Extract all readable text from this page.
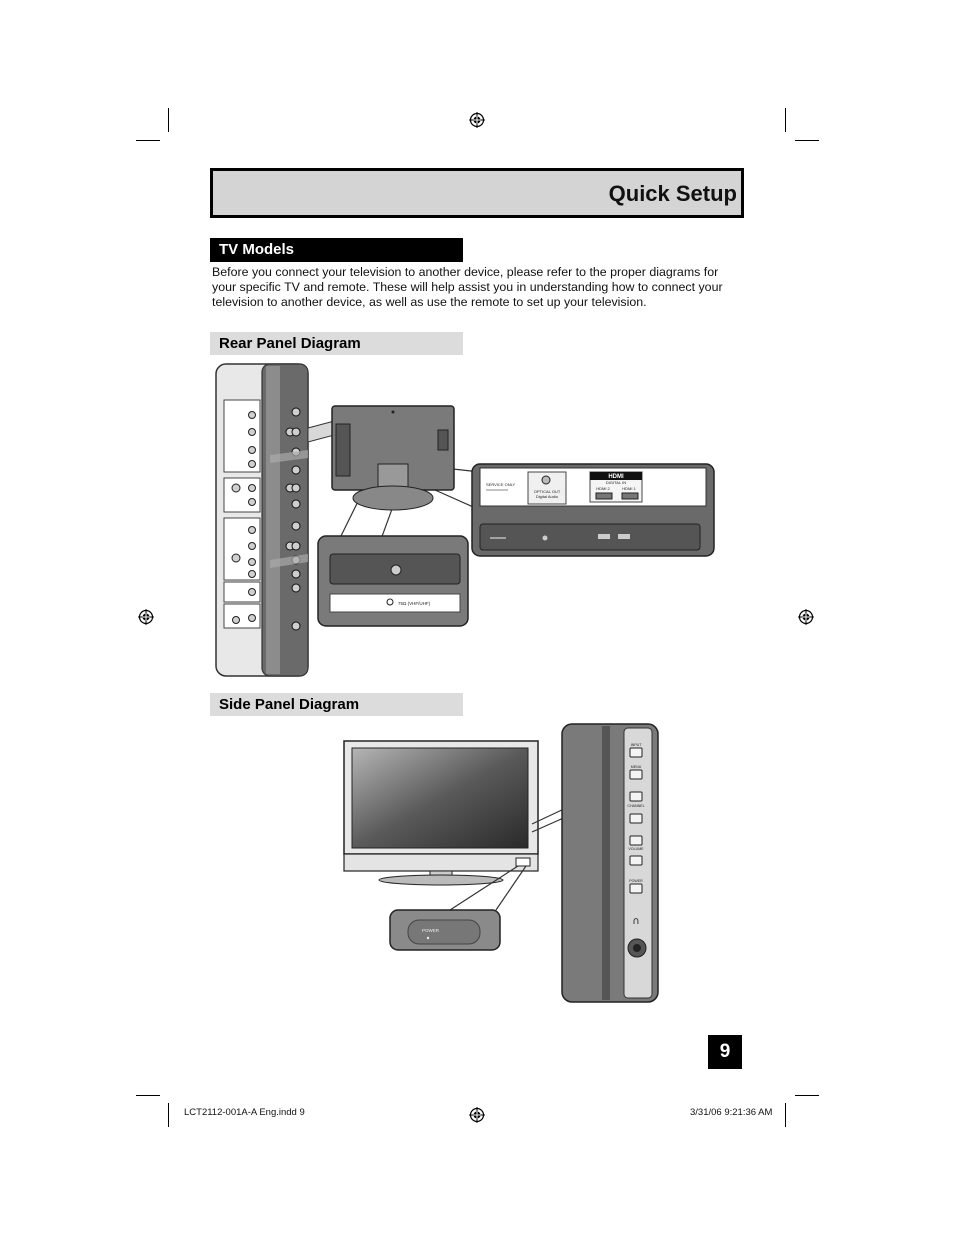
Quick Setup
TV Models
Before you connect your television to another device, please refer to the proper diagrams for your specific TV and remote. These will help assist you in understanding how to connect your television to another device, as well as use the remote to set up your television.
Rear Panel Diagram
SERVICE ONLY
OPTICAL OUT
Digital Audio
HDMI
DIGITAL IN
HDMI 2	HDMI 1
75Ω (VHF/UHF)
Side Panel Diagram
POWER
INPUT
MENU
CHANNEL
VOLUME
POWER
∩
9
LCT2112-001A-A Eng.indd 9	3/31/06 9:21:36 AM
